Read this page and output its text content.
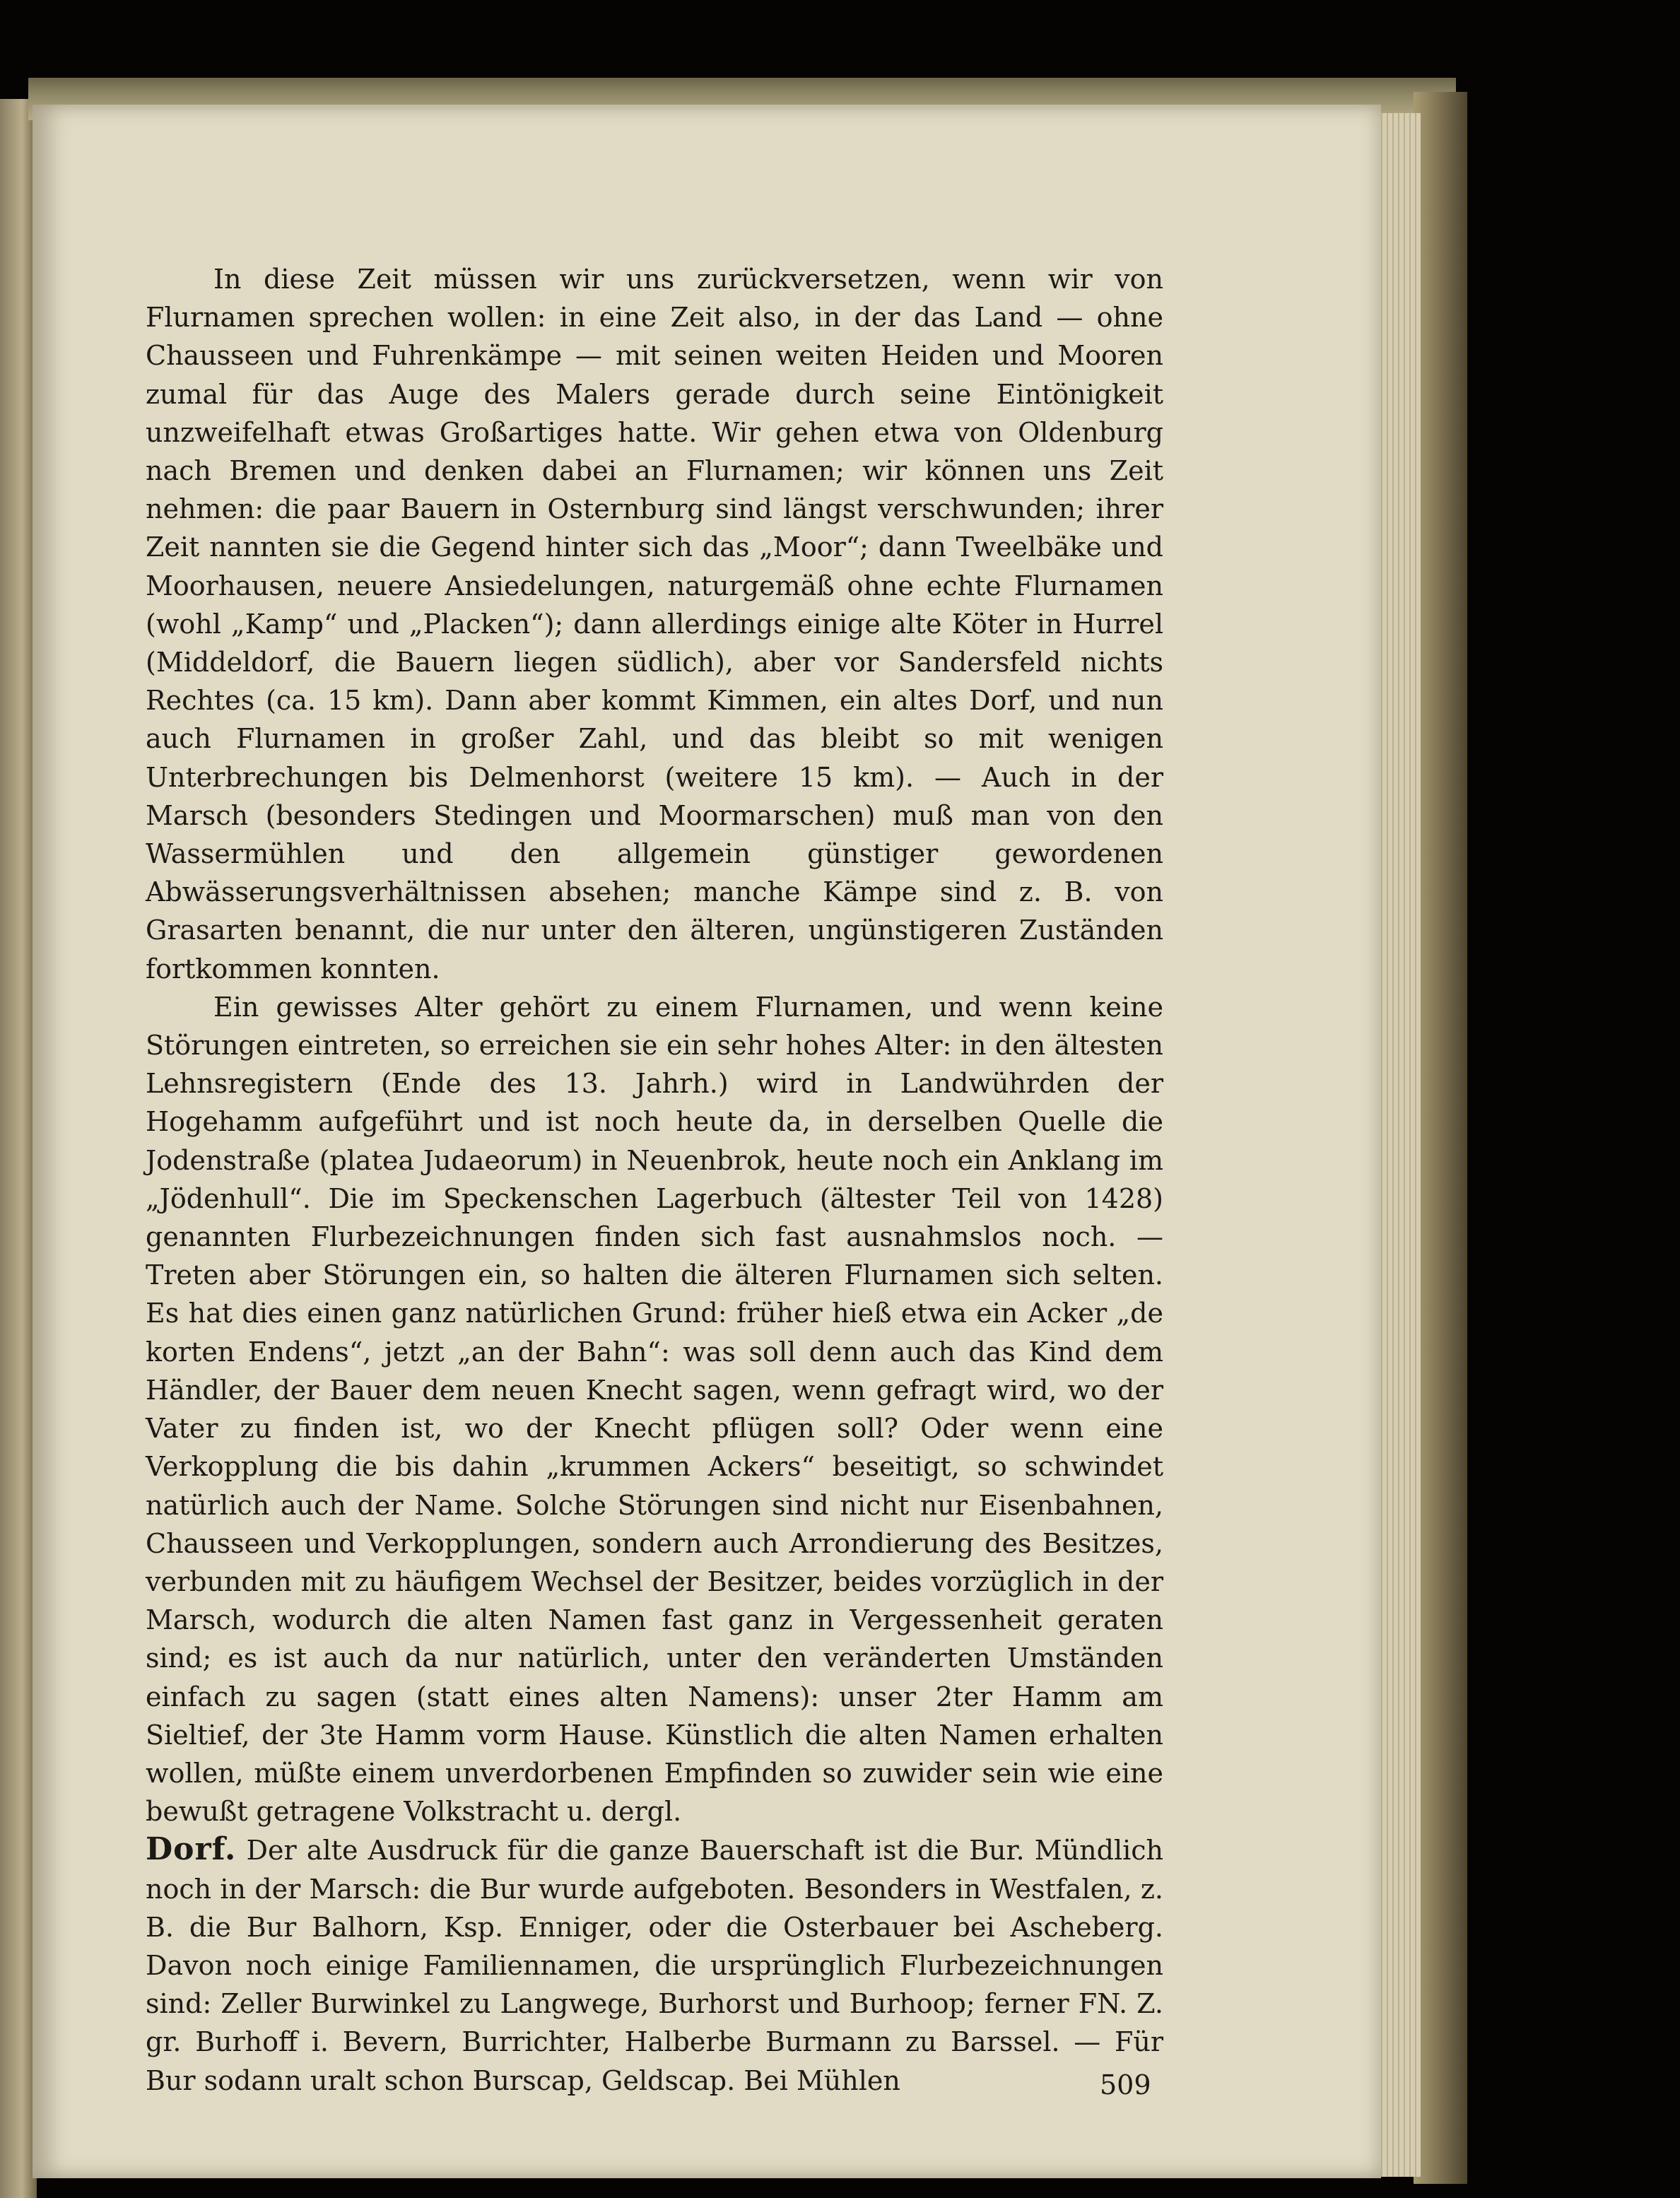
In diese Zeit müssen wir uns zurückversetzen, wenn wir von Flurnamen sprechen wollen: in eine Zeit also, in der das Land — ohne Chausseen und Fuhrenkämpe — mit seinen weiten Heiden und Mooren zumal für das Auge des Malers gerade durch seine Eintönigkeit unzweifelhaft etwas Großartiges hatte. Wir gehen etwa von Oldenburg nach Bremen und denken dabei an Flurnamen; wir können uns Zeit nehmen: die paar Bauern in Osternburg sind längst verschwunden; ihrer Zeit nannten sie die Gegend hinter sich das „Moor“; dann Tweelbäke und Moorhausen, neuere Ansiedelungen, naturgemäß ohne echte Flurnamen (wohl „Kamp“ und „Placken“); dann allerdings einige alte Köter in Hurrel (Middeldorf, die Bauern liegen südlich), aber vor Sandersfeld nichts Rechtes (ca. 15 km). Dann aber kommt Kimmen, ein altes Dorf, und nun auch Flurnamen in großer Zahl, und das bleibt so mit wenigen Unterbrechungen bis Delmenhorst (weitere 15 km). — Auch in der Marsch (besonders Stedingen und Moormarschen) muß man von den Wassermühlen und den allgemein günstiger gewordenen Abwässerungsverhältnissen absehen; manche Kämpe sind z. B. von Grasarten benannt, die nur unter den älteren, ungünstigeren Zuständen fortkommen konnten.

Ein gewisses Alter gehört zu einem Flurnamen, und wenn keine Störungen eintreten, so erreichen sie ein sehr hohes Alter: in den ältesten Lehnsregistern (Ende des 13. Jahrh.) wird in Landwührden der Hogehamm aufgeführt und ist noch heute da, in derselben Quelle die Jodenstraße (platea Judaeorum) in Neuenbrok, heute noch ein Anklang im „Jödenhull“. Die im Speckenschen Lagerbuch (ältester Teil von 1428) genannten Flurbezeichnungen finden sich fast ausnahmslos noch. — Treten aber Störungen ein, so halten die älteren Flurnamen sich selten. Es hat dies einen ganz natürlichen Grund: früher hieß etwa ein Acker „de korten Endens“, jetzt „an der Bahn“: was soll denn auch das Kind dem Händler, der Bauer dem neuen Knecht sagen, wenn gefragt wird, wo der Vater zu finden ist, wo der Knecht pflügen soll? Oder wenn eine Verkopplung die bis dahin „krummen Ackers“ beseitigt, so schwindet natürlich auch der Name. Solche Störungen sind nicht nur Eisenbahnen, Chausseen und Verkopplungen, sondern auch Arrondierung des Besitzes, verbunden mit zu häufigem Wechsel der Besitzer, beides vorzüglich in der Marsch, wodurch die alten Namen fast ganz in Vergessenheit geraten sind; es ist auch da nur natürlich, unter den veränderten Umständen einfach zu sagen (statt eines alten Namens): unser 2ter Hamm am Sieltief, der 3te Hamm vorm Hause. Künstlich die alten Namen erhalten wollen, müßte einem unverdorbenen Empfinden so zuwider sein wie eine bewußt getragene Volkstracht u. dergl.

Dorf. Der alte Ausdruck für die ganze Bauerschaft ist die Bur. Mündlich noch in der Marsch: die Bur wurde aufgeboten. Besonders in Westfalen, z. B. die Bur Balhorn, Ksp. Enniger, oder die Osterbauer bei Ascheberg. Davon noch einige Familiennamen, die ursprünglich Flurbezeichnungen sind: Zeller Burwinkel zu Langwege, Burhorst und Burhoop; ferner FN. Z. gr. Burhoff i. Bevern, Burrichter, Halberbe Burmann zu Barssel. — Für Bur sodann uralt schon Burscap, Geldscap. Bei Mühlen	509
